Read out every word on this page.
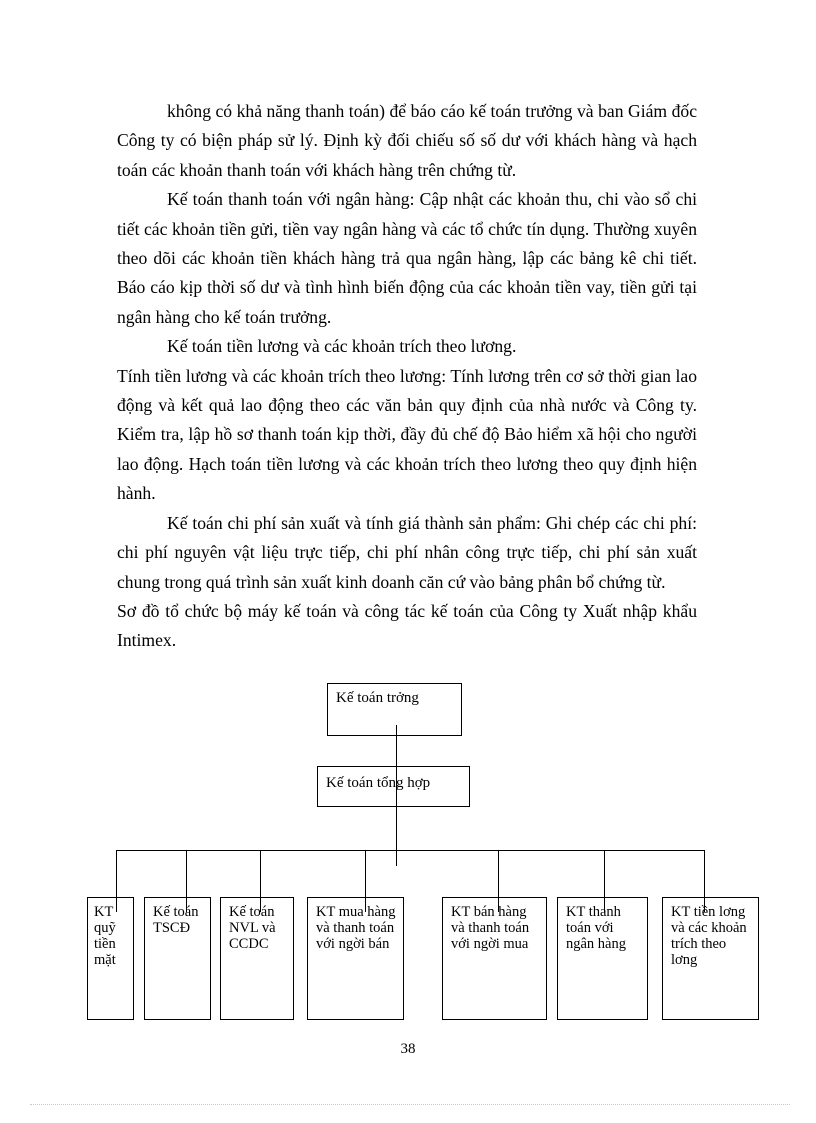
không có khả năng thanh toán) để báo cáo kế toán trưởng và ban Giám đốc Công ty có biện pháp sử lý. Định kỳ đối chiếu số số dư với khách hàng và hạch toán các khoản thanh toán với khách hàng trên chứng từ.

Kế toán thanh toán với ngân hàng: Cập nhật các khoản thu, chi vào sổ chi tiết các khoản tiền gửi, tiền vay ngân hàng và các tổ chức tín dụng. Thường xuyên theo dõi các khoản tiền khách hàng trả qua ngân hàng, lập các bảng kê chi tiết. Báo cáo kịp thời số dư và tình hình biến động của các khoản tiền vay, tiền gửi tại ngân hàng cho kế toán trưởng.

Kế toán tiền lương và các khoản trích theo lương.

Tính tiền lương và các khoản trích theo lương: Tính lương trên cơ sở thời gian lao động và kết quả lao động theo các văn bản quy định của nhà nước và Công ty. Kiểm tra, lập hồ sơ thanh toán kịp thời, đầy đủ chế độ Bảo hiểm xã hội cho người lao động. Hạch toán tiền lương và các khoản trích theo lương theo quy định hiện hành.

Kế toán chi phí sản xuất và tính giá thành sản phẩm: Ghi chép các chi phí: chi phí nguyên vật liệu trực tiếp, chi phí nhân công trực tiếp, chi phí sản xuất chung trong quá trình sản xuất kinh doanh căn cứ vào bảng phân bổ chứng từ.

Sơ đồ tổ chức bộ máy kế toán và công tác kế toán của Công ty Xuất nhập khẩu Intimex.

Kế toán trởng
Kế toán tổng hợp
KT quỹ tiền mặt
Kế toán TSCĐ
Kế toán NVL và CCDC
KT mua hàng và thanh toán với ngời bán
KT bán hàng và thanh toán với ngời mua
KT thanh toán với ngân hàng
KT tiền lơng và các khoản trích theo lơng
38
